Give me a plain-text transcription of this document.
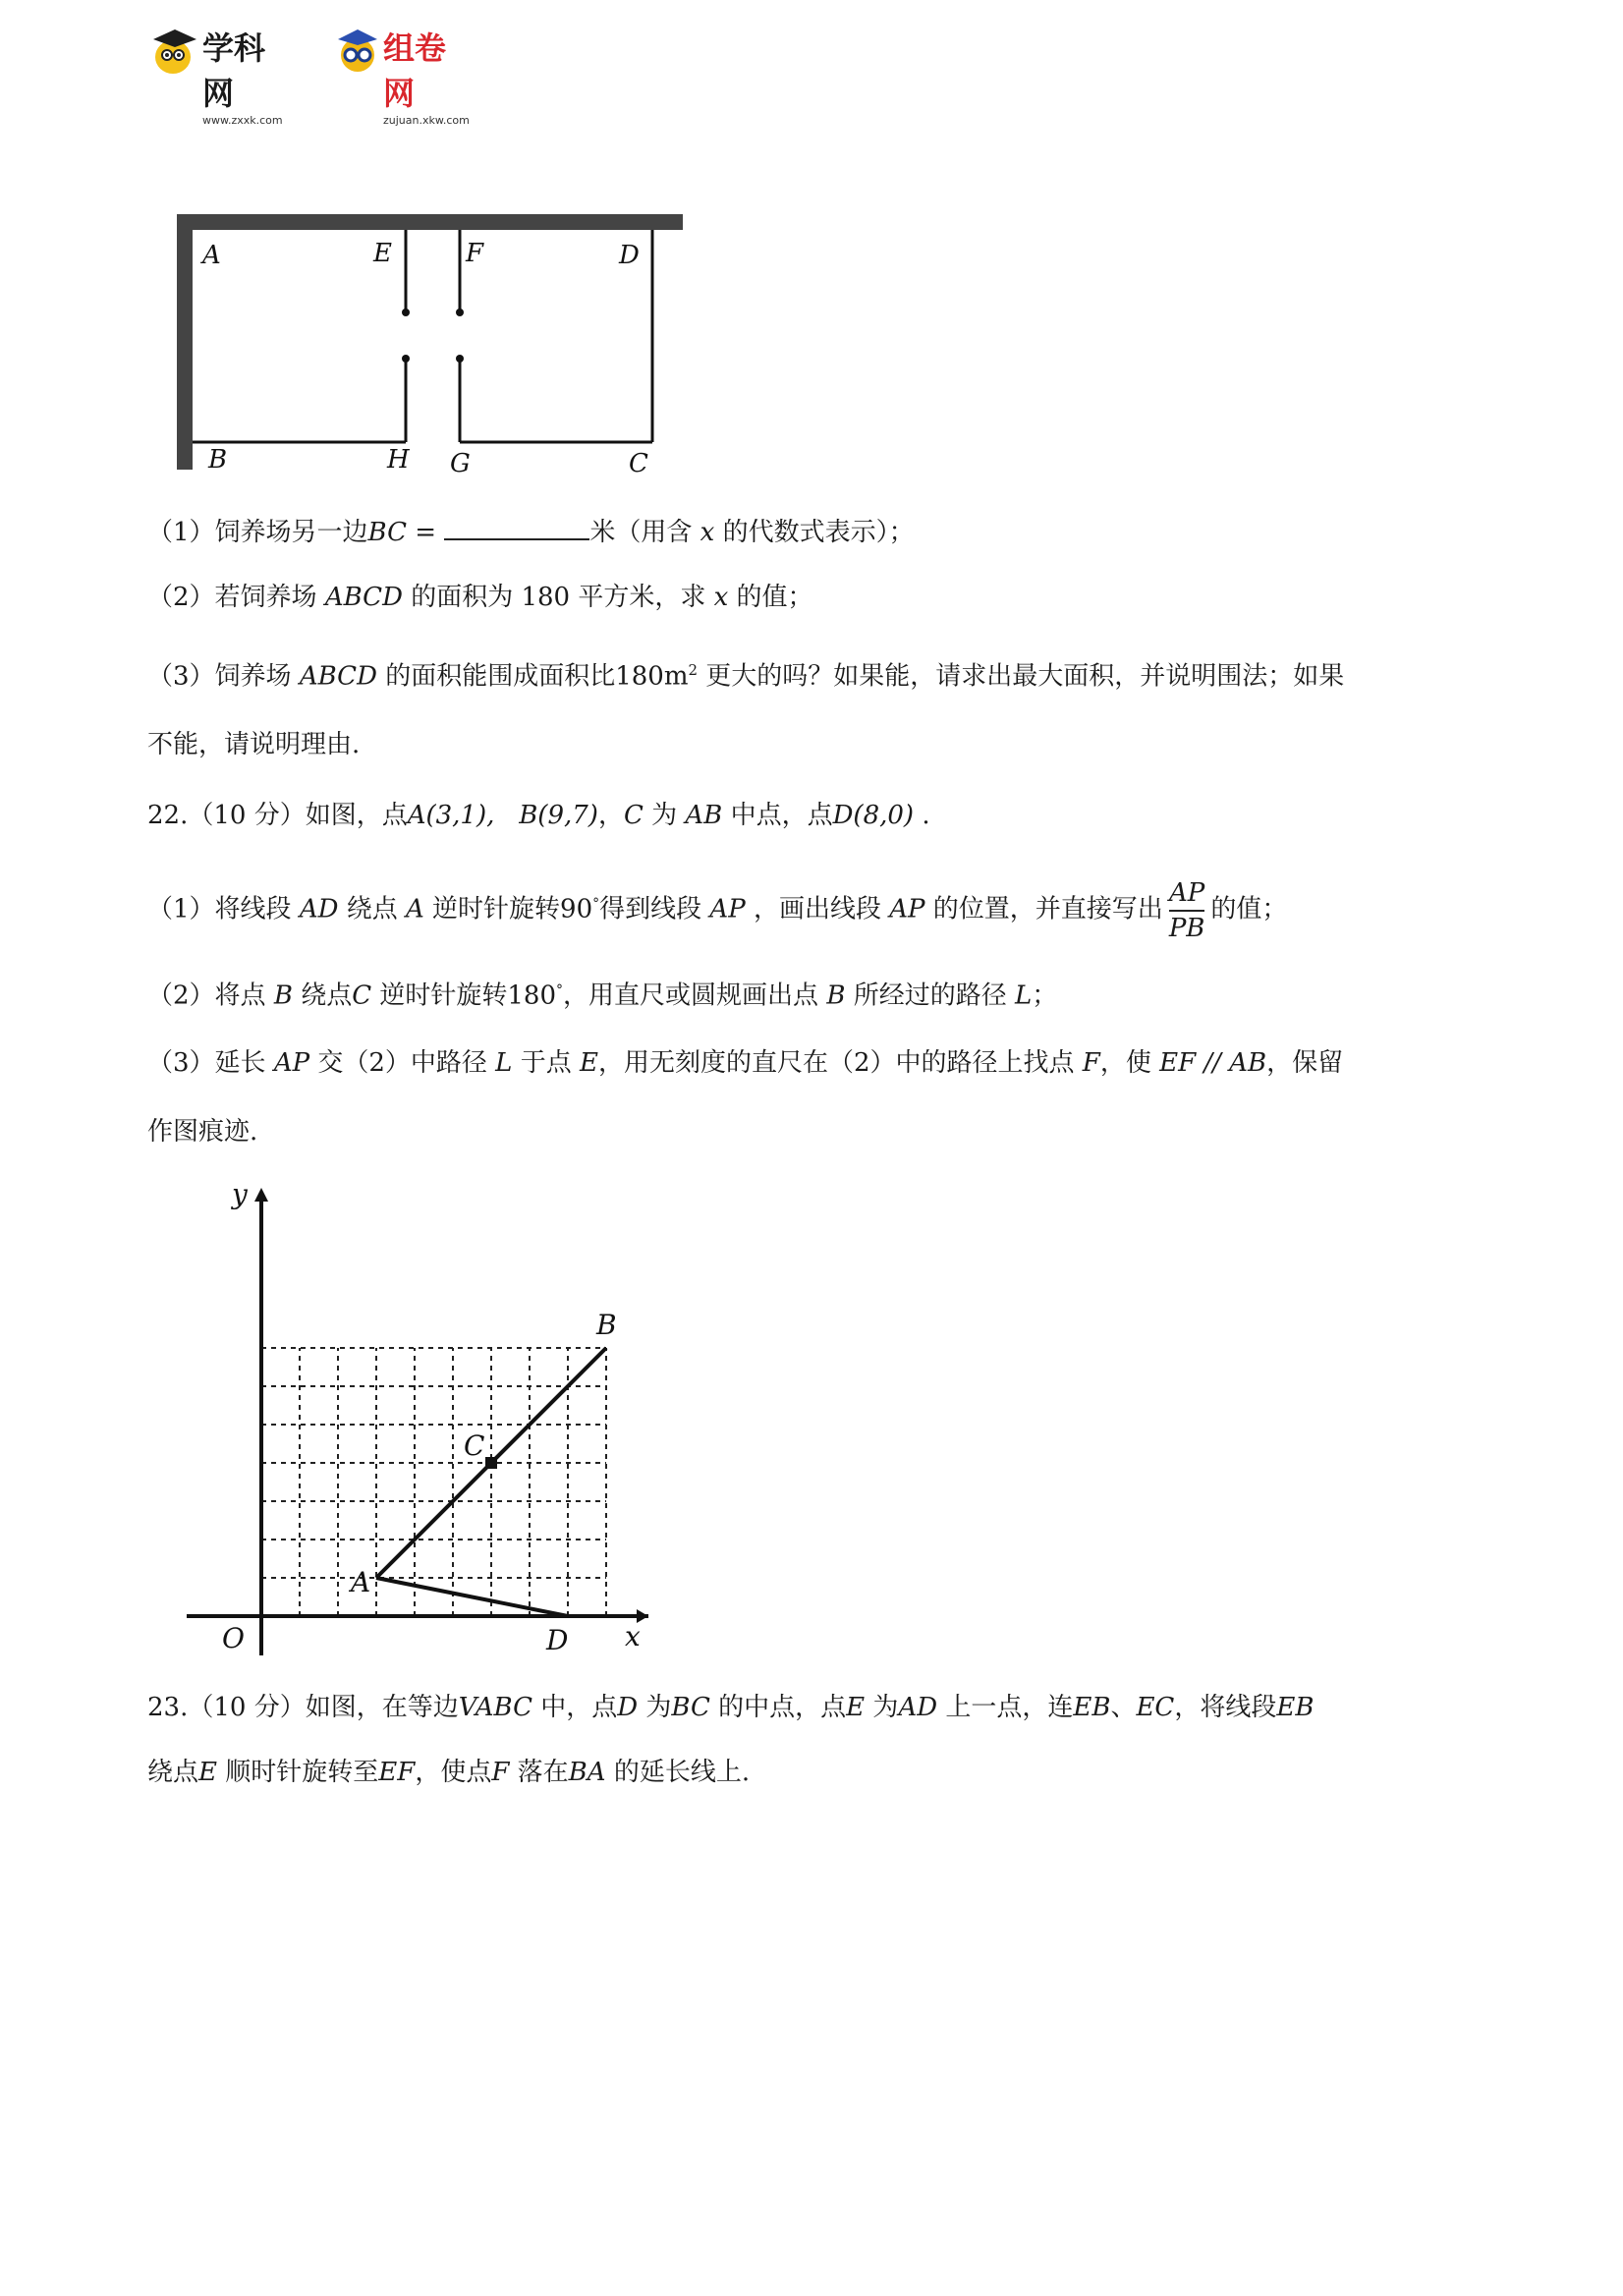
学科网
www.zxxk.com
组卷网
zujuan.xkw.com
A	E	F	D
B	H G	C
（1）饲养场另一边BC =	米（用含 x 的代数式表示）；
（2）若饲养场 ABCD 的面积为 180 平方米，求 x 的值；
（3）饲养场 ABCD 的面积能围成面积比$180m^2$ 更大的吗？如果能，请求出最大面积，并说明围法；如果
不能，请说明理由.
22.（10 分）如图，点A(3,1), B(9,7)，C 为 AB 中点，点D(8,0) .
（1）将线段 AD 绕点 A 逆时针旋转90°得到线段 AP ，画出线段 AP 的位置，并直接写出 $\frac{AP}{PB}$ 的值；
（2）将点 B 绕点C 逆时针旋转180°，用直尺或圆规画出点 B 所经过的路径 L；
（3）延长 AP 交（2）中路径 L 于点 E，用无刻度的直尺在（2）中的路径上找点 F，使 EF // AB，保留
作图痕迹.
A
B
C
D x
y
O
23.（10 分）如图，在等边VABC 中，点D 为BC 的中点，点E 为AD 上一点，连EB、EC，将线段EB
绕点E 顺时针旋转至EF，使点F 落在BA 的延长线上.
